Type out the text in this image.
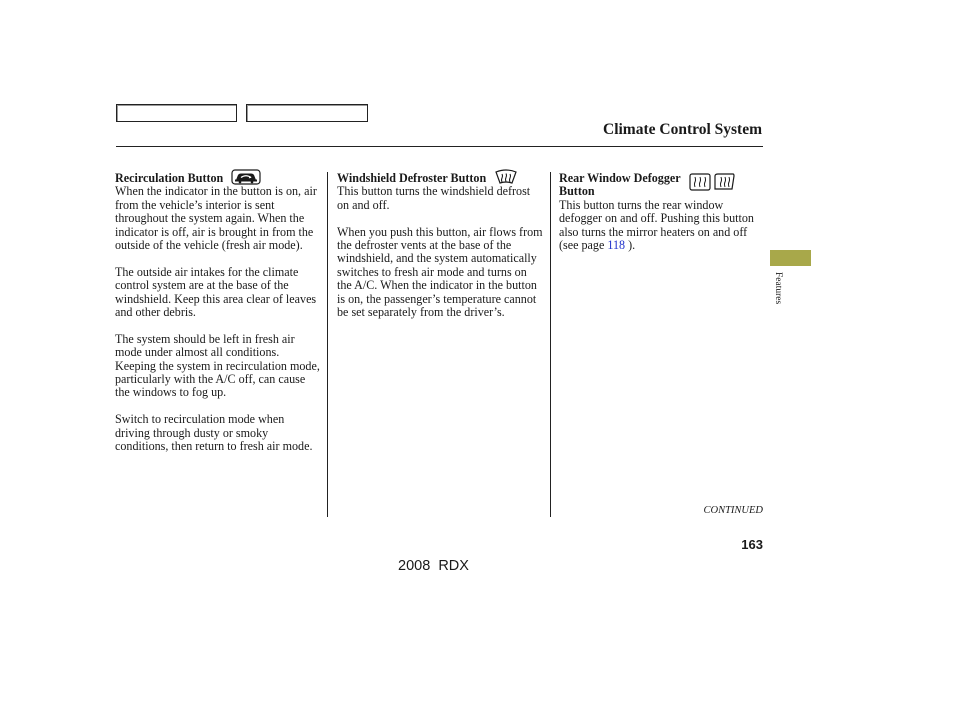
Climate Control System
Recirculation Button

When the indicator in the button is on, air from the vehicle’s interior is sent throughout the system again. When the indicator is off, air is brought in from the outside of the vehicle (fresh air mode).

The outside air intakes for the climate control system are at the base of the windshield. Keep this area clear of leaves and other debris.

The system should be left in fresh air mode under almost all conditions. Keeping the system in recirculation mode, particularly with the A/C off, can cause the windows to fog up.

Switch to recirculation mode when driving through dusty or smoky conditions, then return to fresh air mode.

Windshield Defroster Button

This button turns the windshield defrost on and off.

When you push this button, air flows from the defroster vents at the base of the windshield, and the system automatically switches to fresh air mode and turns on the A/C. When the indicator in the button is on, the passenger’s temperature cannot be set separately from the driver’s.

Rear Window Defogger
Button

This button turns the rear window defogger on and off. Pushing this button also turns the mirror heaters on and off (see page 118 ).

Features
CONTINUED
163
2008  RDX
